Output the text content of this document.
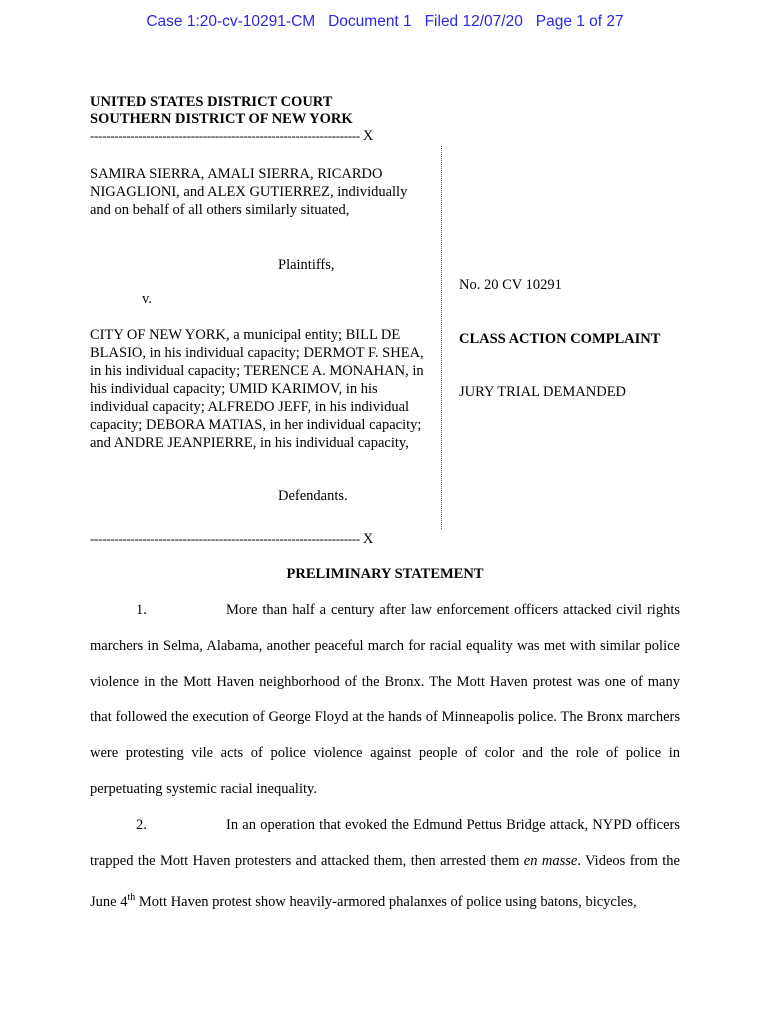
Case 1:20-cv-10291-CM   Document 1   Filed 12/07/20   Page 1 of 27
UNITED STATES DISTRICT COURT
SOUTHERN DISTRICT OF NEW YORK
------------------------------------------------------------------- X
SAMIRA SIERRA, AMALI SIERRA, RICARDO NIGAGLIONI, and ALEX GUTIERREZ, individually and on behalf of all others similarly situated,
Plaintiffs,
v.
CITY OF NEW YORK, a municipal entity; BILL DE BLASIO, in his individual capacity; DERMOT F. SHEA, in his individual capacity; TERENCE A. MONAHAN, in his individual capacity; UMID KARIMOV, in his individual capacity; ALFREDO JEFF, in his individual capacity; DEBORA MATIAS, in her individual capacity; and ANDRE JEANPIERRE, in his individual capacity,
Defendants.
No. 20 CV 10291
CLASS ACTION COMPLAINT
JURY TRIAL DEMANDED
------------------------------------------------------------------- X
PRELIMINARY STATEMENT

1.	More than half a century after law enforcement officers attacked civil rights marchers in Selma, Alabama, another peaceful march for racial equality was met with similar police violence in the Mott Haven neighborhood of the Bronx. The Mott Haven protest was one of many that followed the execution of George Floyd at the hands of Minneapolis police. The Bronx marchers were protesting vile acts of police violence against people of color and the role of police in perpetuating systemic racial inequality.

2.	In an operation that evoked the Edmund Pettus Bridge attack, NYPD officers trapped the Mott Haven protesters and attacked them, then arrested them en masse. Videos from the June 4th Mott Haven protest show heavily-armored phalanxes of police using batons, bicycles,
